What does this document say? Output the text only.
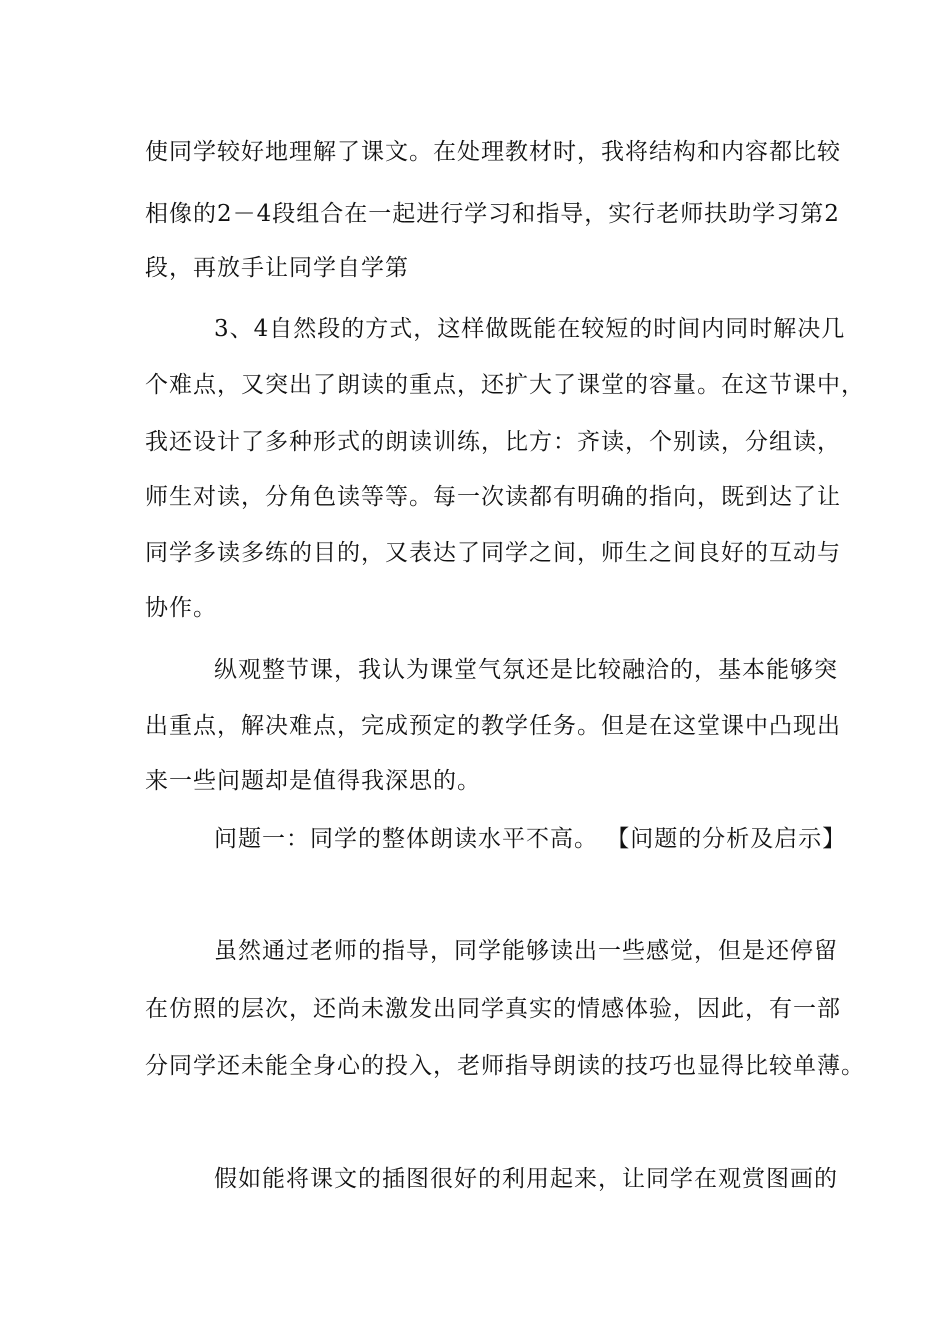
使同学较好地理解了课文。在处理教材时，我将结构和内容都比较
相像的2－4段组合在一起进行学习和指导，实行老师扶助学习第2
段，再放手让同学自学第
3、4自然段的方式，这样做既能在较短的时间内同时解决几
个难点，又突出了朗读的重点，还扩大了课堂的容量。在这节课中，
我还设计了多种形式的朗读训练，比方：齐读，个别读，分组读，
师生对读，分角色读等等。每一次读都有明确的指向，既到达了让
同学多读多练的目的，又表达了同学之间，师生之间良好的互动与
协作。
纵观整节课，我认为课堂气氛还是比较融洽的，基本能够突
出重点，解决难点，完成预定的教学任务。但是在这堂课中凸现出
来一些问题却是值得我深思的。
问题一：同学的整体朗读水平不高。 【问题的分析及启示】
虽然通过老师的指导，同学能够读出一些感觉，但是还停留
在仿照的层次，还尚未激发出同学真实的情感体验，因此，有一部
分同学还未能全身心的投入，老师指导朗读的技巧也显得比较单薄。
假如能将课文的插图很好的利用起来，让同学在观赏图画的
